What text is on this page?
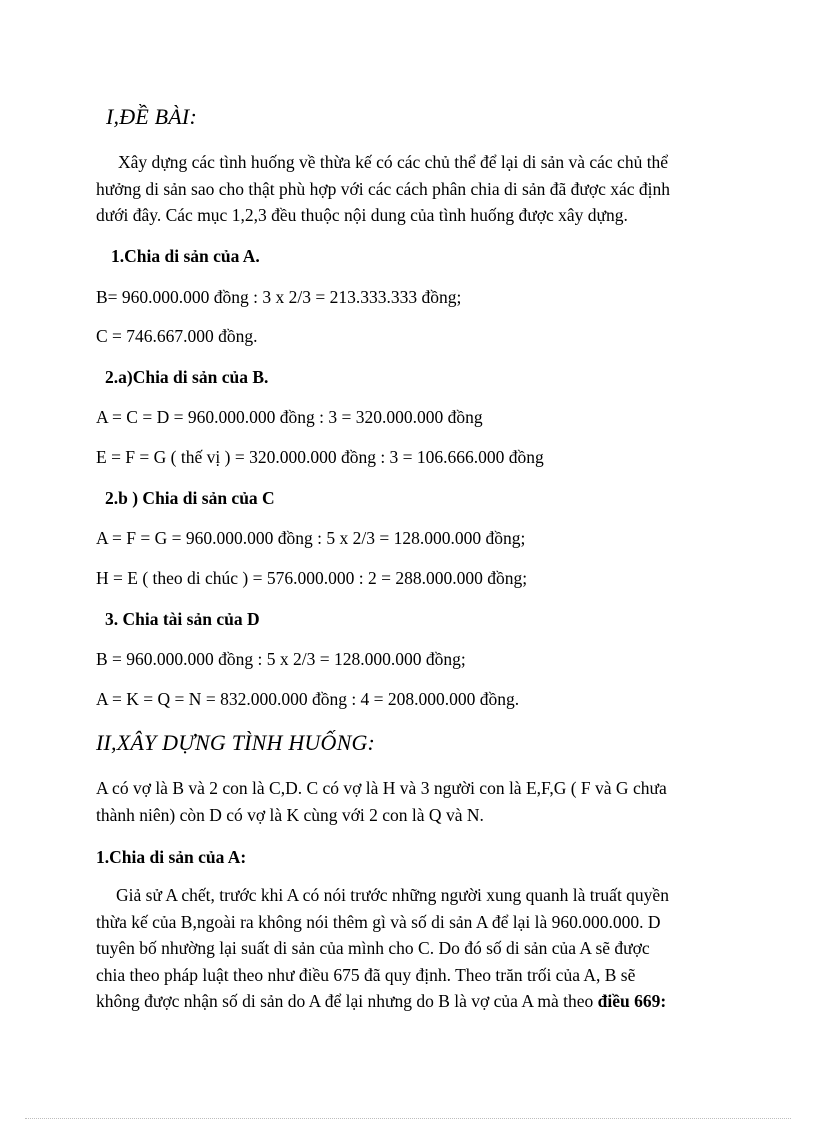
I,ĐỀ BÀI:
Xây dựng các tình huống về thừa kế có các chủ thể để lại di sản và các chủ thể
hưởng di sản sao cho thật phù hợp với các cách phân chia di sản đã được xác định
dưới đây. Các mục 1,2,3 đều thuộc nội dung của tình huống được xây dựng.
1.Chia di sản của A.
B= 960.000.000 đồng : 3 x 2/3 = 213.333.333 đồng;
C = 746.667.000 đồng.
2.a)Chia di sản của B.
A = C = D = 960.000.000 đồng : 3 = 320.000.000 đồng
E = F = G ( thế vị ) = 320.000.000 đồng : 3 = 106.666.000 đồng
2.b ) Chia di sản của C
A = F = G = 960.000.000 đồng : 5 x 2/3 = 128.000.000 đồng;
H = E ( theo di chúc ) = 576.000.000 : 2 = 288.000.000 đồng;
3. Chia tài sản của D
B = 960.000.000 đồng : 5 x 2/3 = 128.000.000 đồng;
A = K = Q = N = 832.000.000 đồng : 4 = 208.000.000 đồng.
II,XÂY DỰNG TÌNH HUỐNG:
A có vợ là B và 2 con là C,D. C có vợ là H và 3 người con là E,F,G ( F và G chưa
thành niên) còn D có vợ là K cùng với 2 con là Q và N.
1.Chia di sản của A:
Giả sử A chết, trước khi A có nói trước những người xung quanh là truất quyền
thừa kế của B,ngoài ra không nói thêm gì và số di sản A để lại là 960.000.000. D
tuyên bố nhường lại suất di sản của mình cho C. Do đó số di sản của A sẽ được
chia theo pháp luật theo như điều 675 đã quy định. Theo trăn trối của A, B sẽ
không được nhận số di sản do A để lại nhưng do B là vợ của A mà theo điều 669:
